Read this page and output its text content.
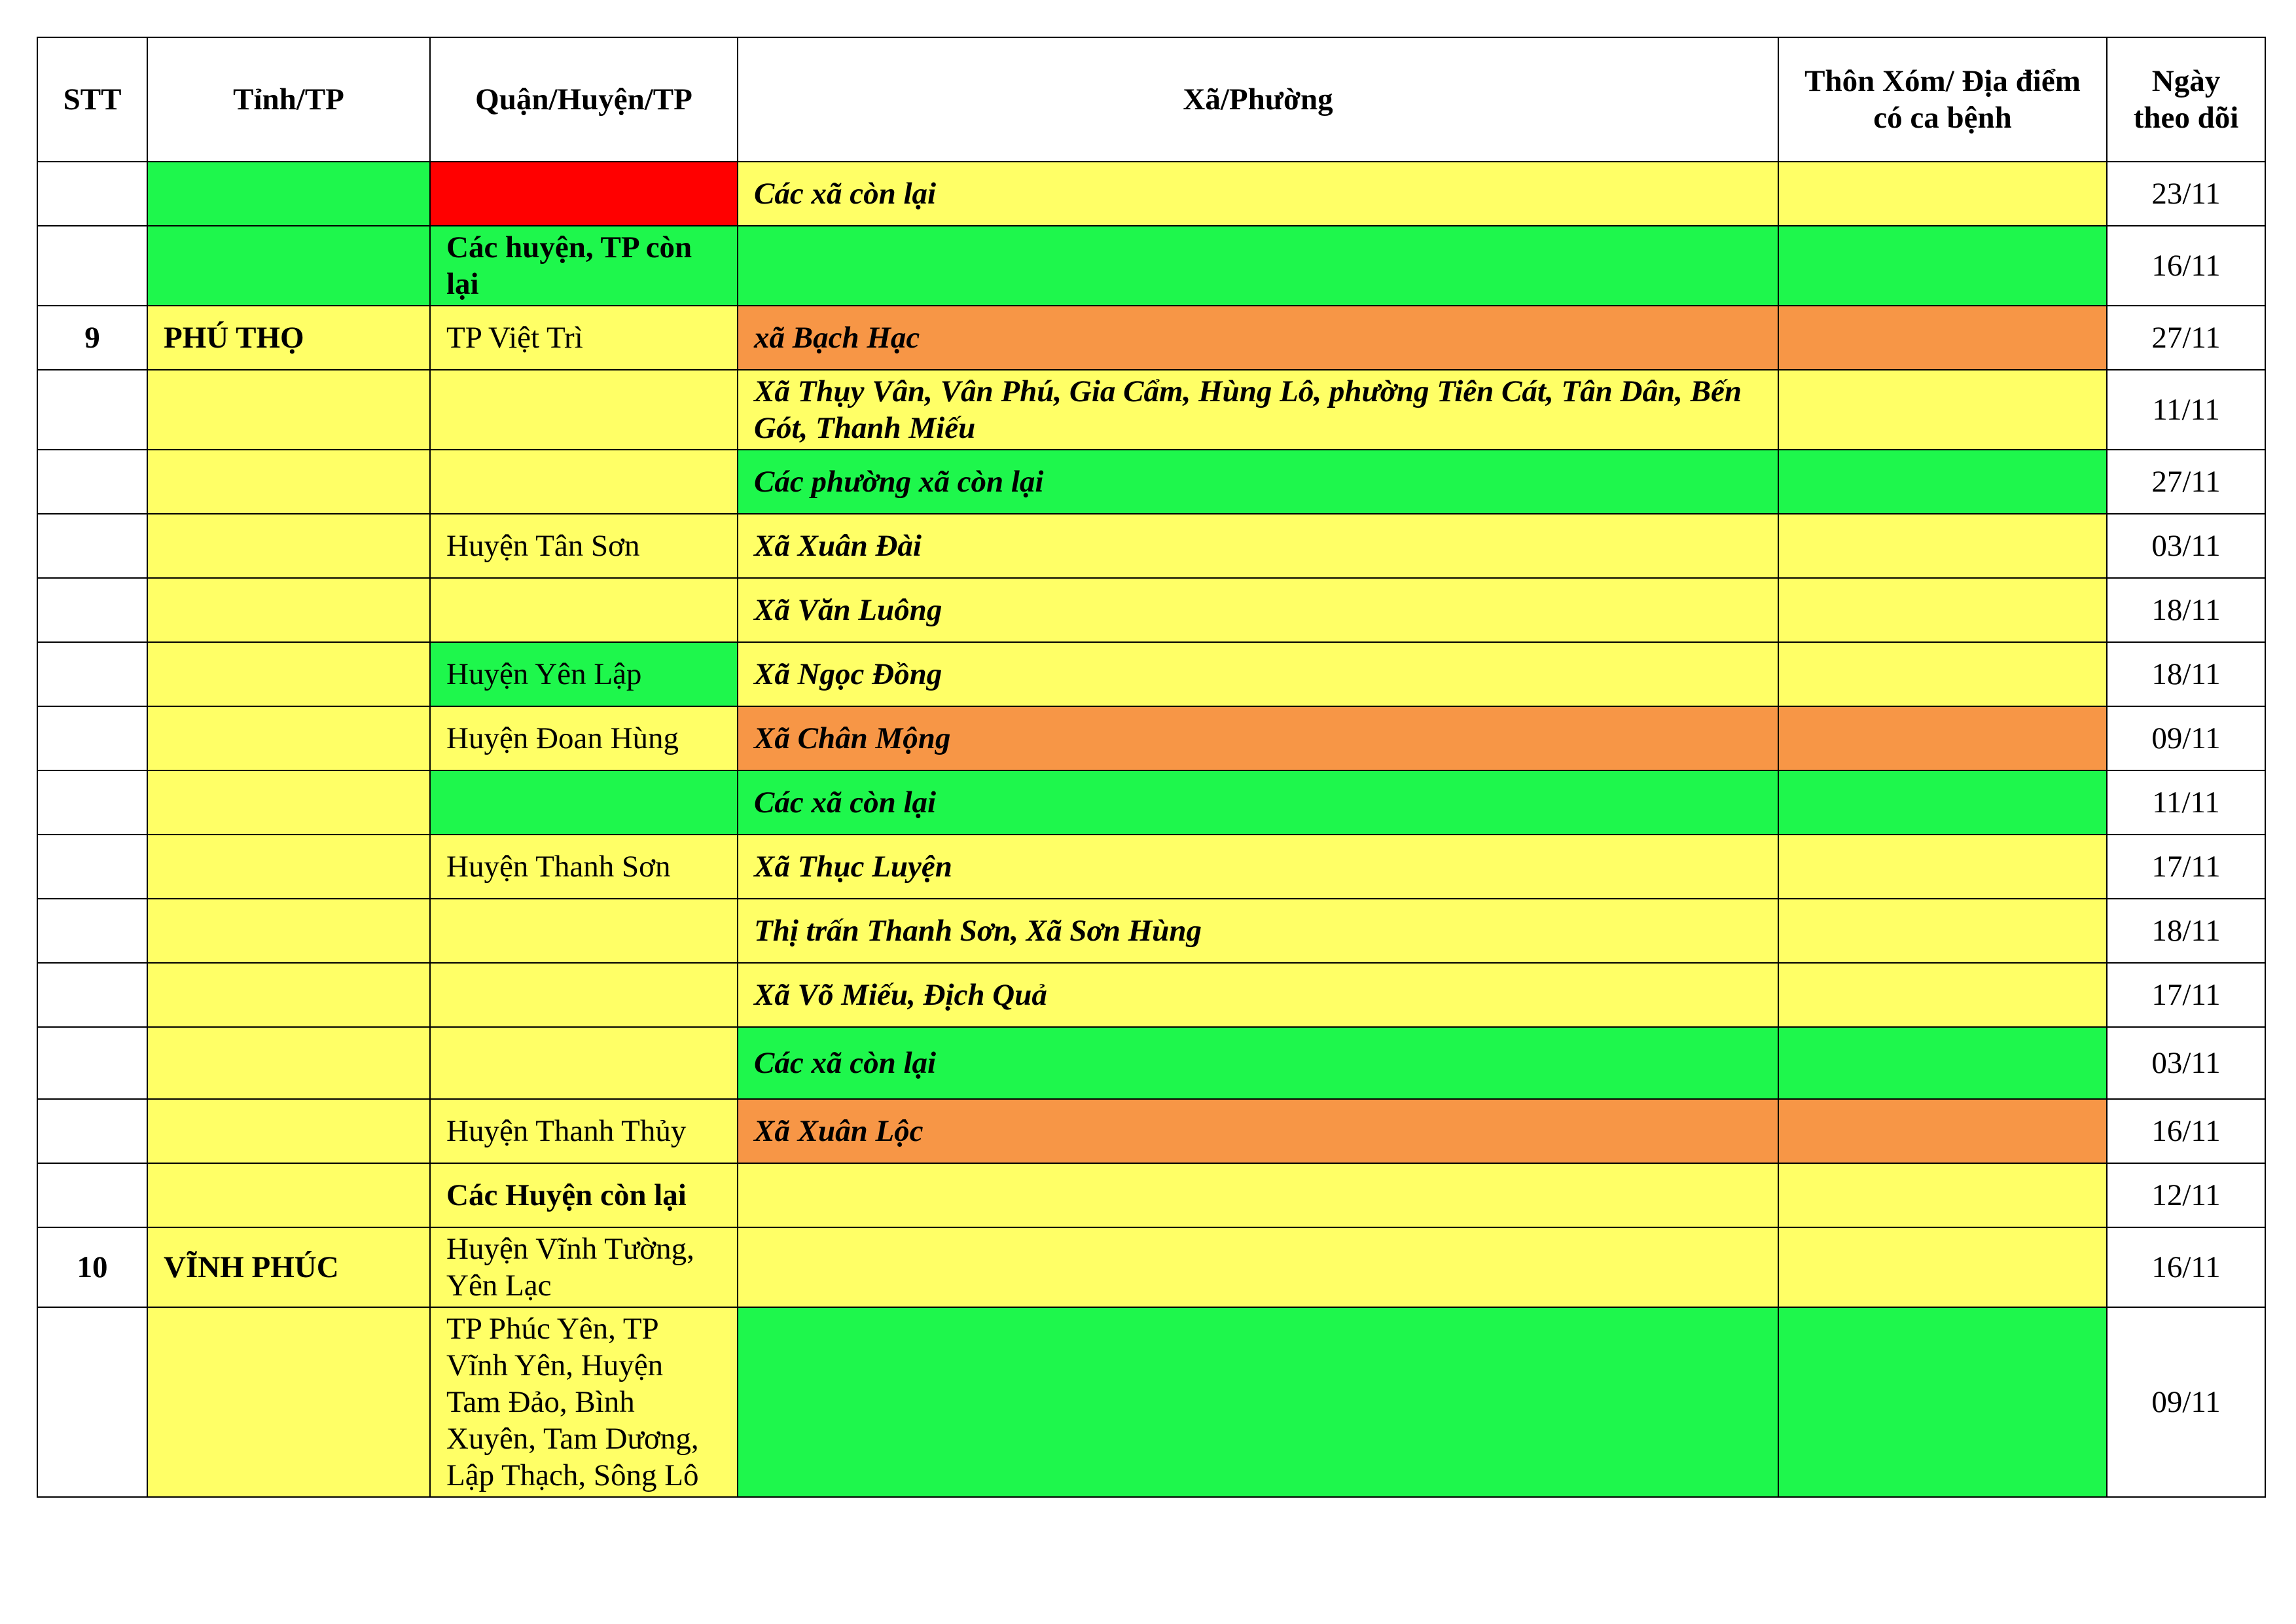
STT	Tỉnh/TP	Quận/Huyện/TP	Xã/Phường	Thôn Xóm/ Địa điểm có ca bệnh	Ngày theo dõi
			Các xã còn lại		23/11
		Các huyện, TP còn lại			16/11
9	PHÚ THỌ	TP Việt Trì	xã Bạch Hạc		27/11
			Xã Thụy Vân, Vân Phú, Gia Cẩm, Hùng Lô, phường Tiên Cát, Tân Dân, Bến Gót, Thanh Miếu		11/11
			Các phường xã còn lại		27/11
		Huyện Tân Sơn	Xã Xuân Đài		03/11
			Xã Văn Luông		18/11
		Huyện Yên Lập	Xã Ngọc Đồng		18/11
		Huyện Đoan Hùng	Xã Chân Mộng		09/11
			Các xã còn lại		11/11
		Huyện Thanh Sơn	Xã Thục Luyện		17/11
			Thị trấn Thanh Sơn, Xã Sơn Hùng		18/11
			Xã Võ Miếu, Địch Quả		17/11
			Các xã còn lại		03/11
		Huyện Thanh Thủy	Xã Xuân Lộc		16/11
		Các Huyện còn lại			12/11
10	VĨNH PHÚC	Huyện Vĩnh Tường, Yên Lạc			16/11
		TP Phúc Yên, TP Vĩnh Yên, Huyện Tam Đảo, Bình Xuyên, Tam Dương, Lập Thạch, Sông Lô			09/11
